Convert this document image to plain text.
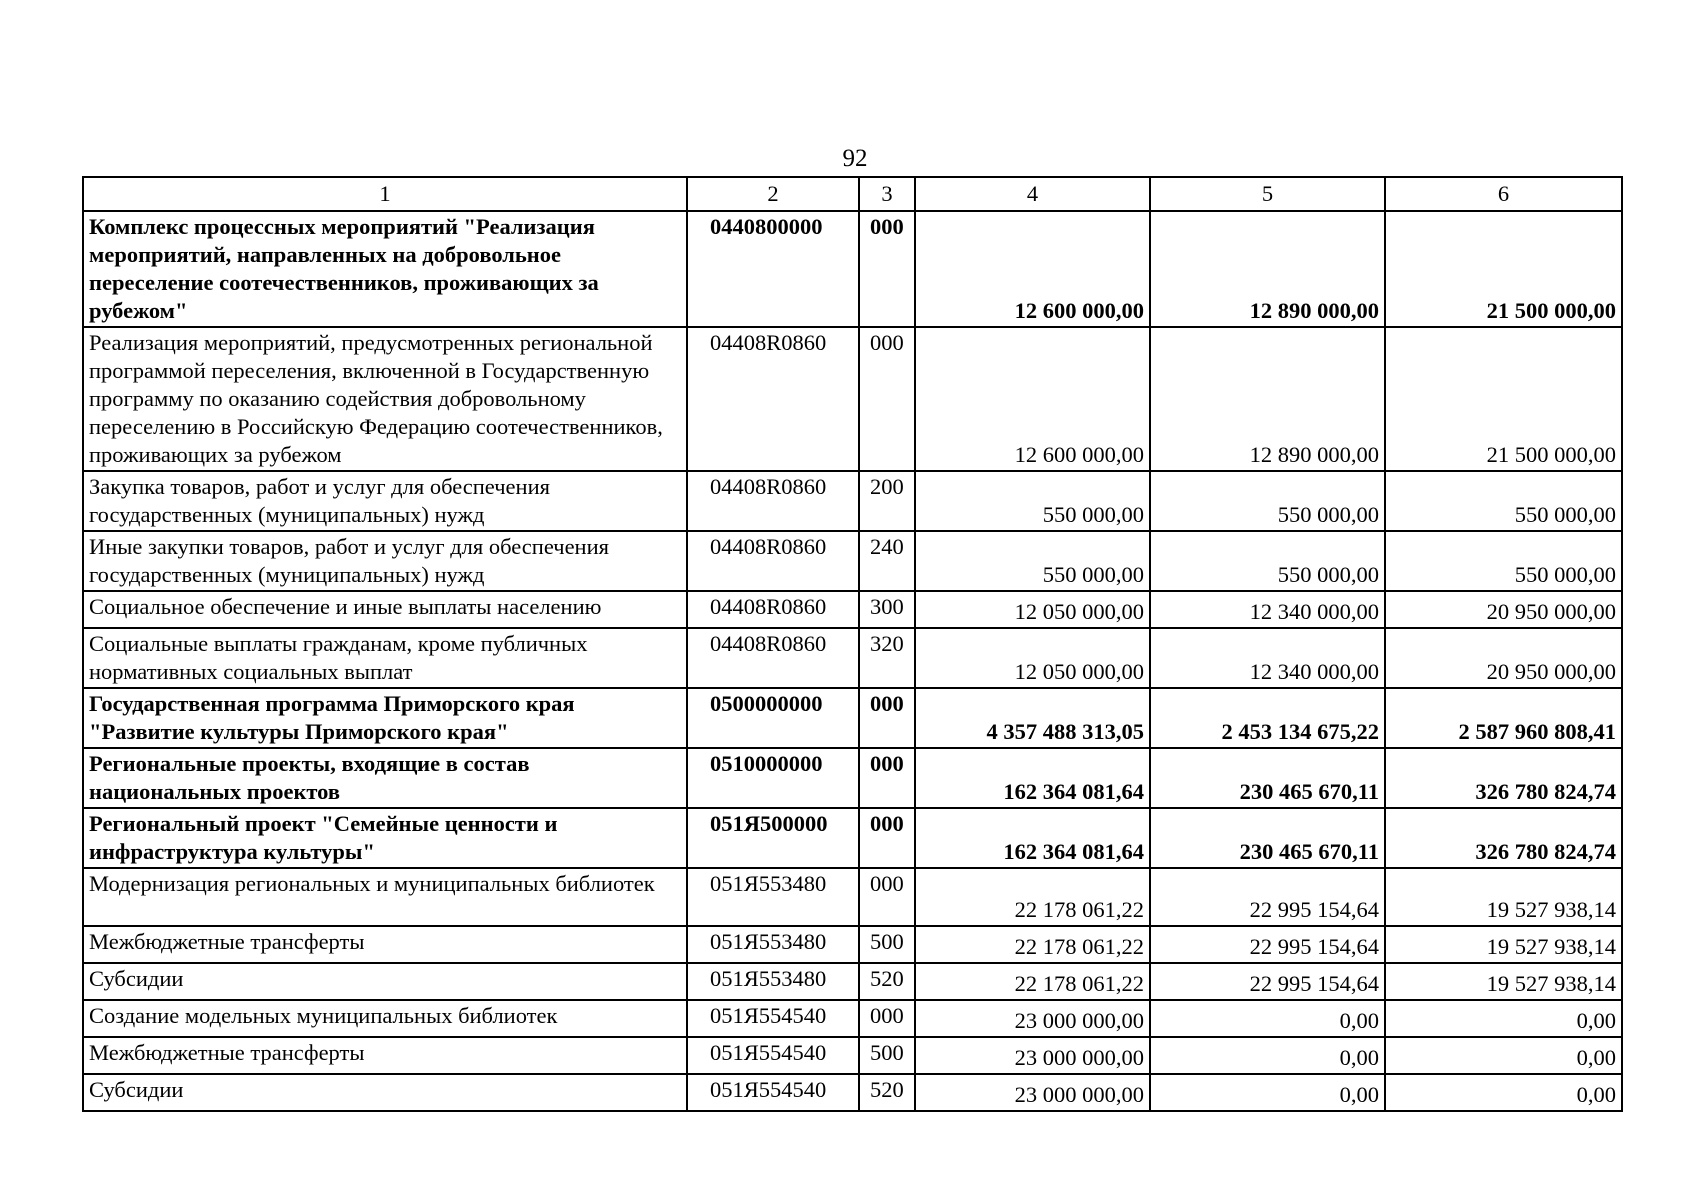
92
1	2	3	4	5	6
Комплекс процессных мероприятий "Реализация мероприятий, направленных на добровольное переселение соотечественников, проживающих за рубежом"	0440800000	000	12 600 000,00	12 890 000,00	21 500 000,00
Реализация мероприятий, предусмотренных региональной программой переселения, включенной в Государственную программу по оказанию содействия добровольному переселению в Российскую Федерацию соотечественников, проживающих за рубежом	04408R0860	000	12 600 000,00	12 890 000,00	21 500 000,00
Закупка товаров, работ и услуг для обеспечения государственных (муниципальных) нужд	04408R0860	200	550 000,00	550 000,00	550 000,00
Иные закупки товаров, работ и услуг для обеспечения государственных (муниципальных) нужд	04408R0860	240	550 000,00	550 000,00	550 000,00
Социальное обеспечение и иные выплаты населению	04408R0860	300	12 050 000,00	12 340 000,00	20 950 000,00
Социальные выплаты гражданам, кроме публичных нормативных социальных выплат	04408R0860	320	12 050 000,00	12 340 000,00	20 950 000,00
Государственная программа Приморского края "Развитие культуры Приморского края"	0500000000	000	4 357 488 313,05	2 453 134 675,22	2 587 960 808,41
Региональные проекты, входящие в состав национальных проектов	0510000000	000	162 364 081,64	230 465 670,11	326 780 824,74
Региональный проект "Семейные ценности и инфраструктура культуры"	051Я500000	000	162 364 081,64	230 465 670,11	326 780 824,74
Модернизация региональных и муниципальных библиотек	051Я553480	000	22 178 061,22	22 995 154,64	19 527 938,14
Межбюджетные трансферты	051Я553480	500	22 178 061,22	22 995 154,64	19 527 938,14
Субсидии	051Я553480	520	22 178 061,22	22 995 154,64	19 527 938,14
Создание модельных муниципальных библиотек	051Я554540	000	23 000 000,00	0,00	0,00
Межбюджетные трансферты	051Я554540	500	23 000 000,00	0,00	0,00
Субсидии	051Я554540	520	23 000 000,00	0,00	0,00
